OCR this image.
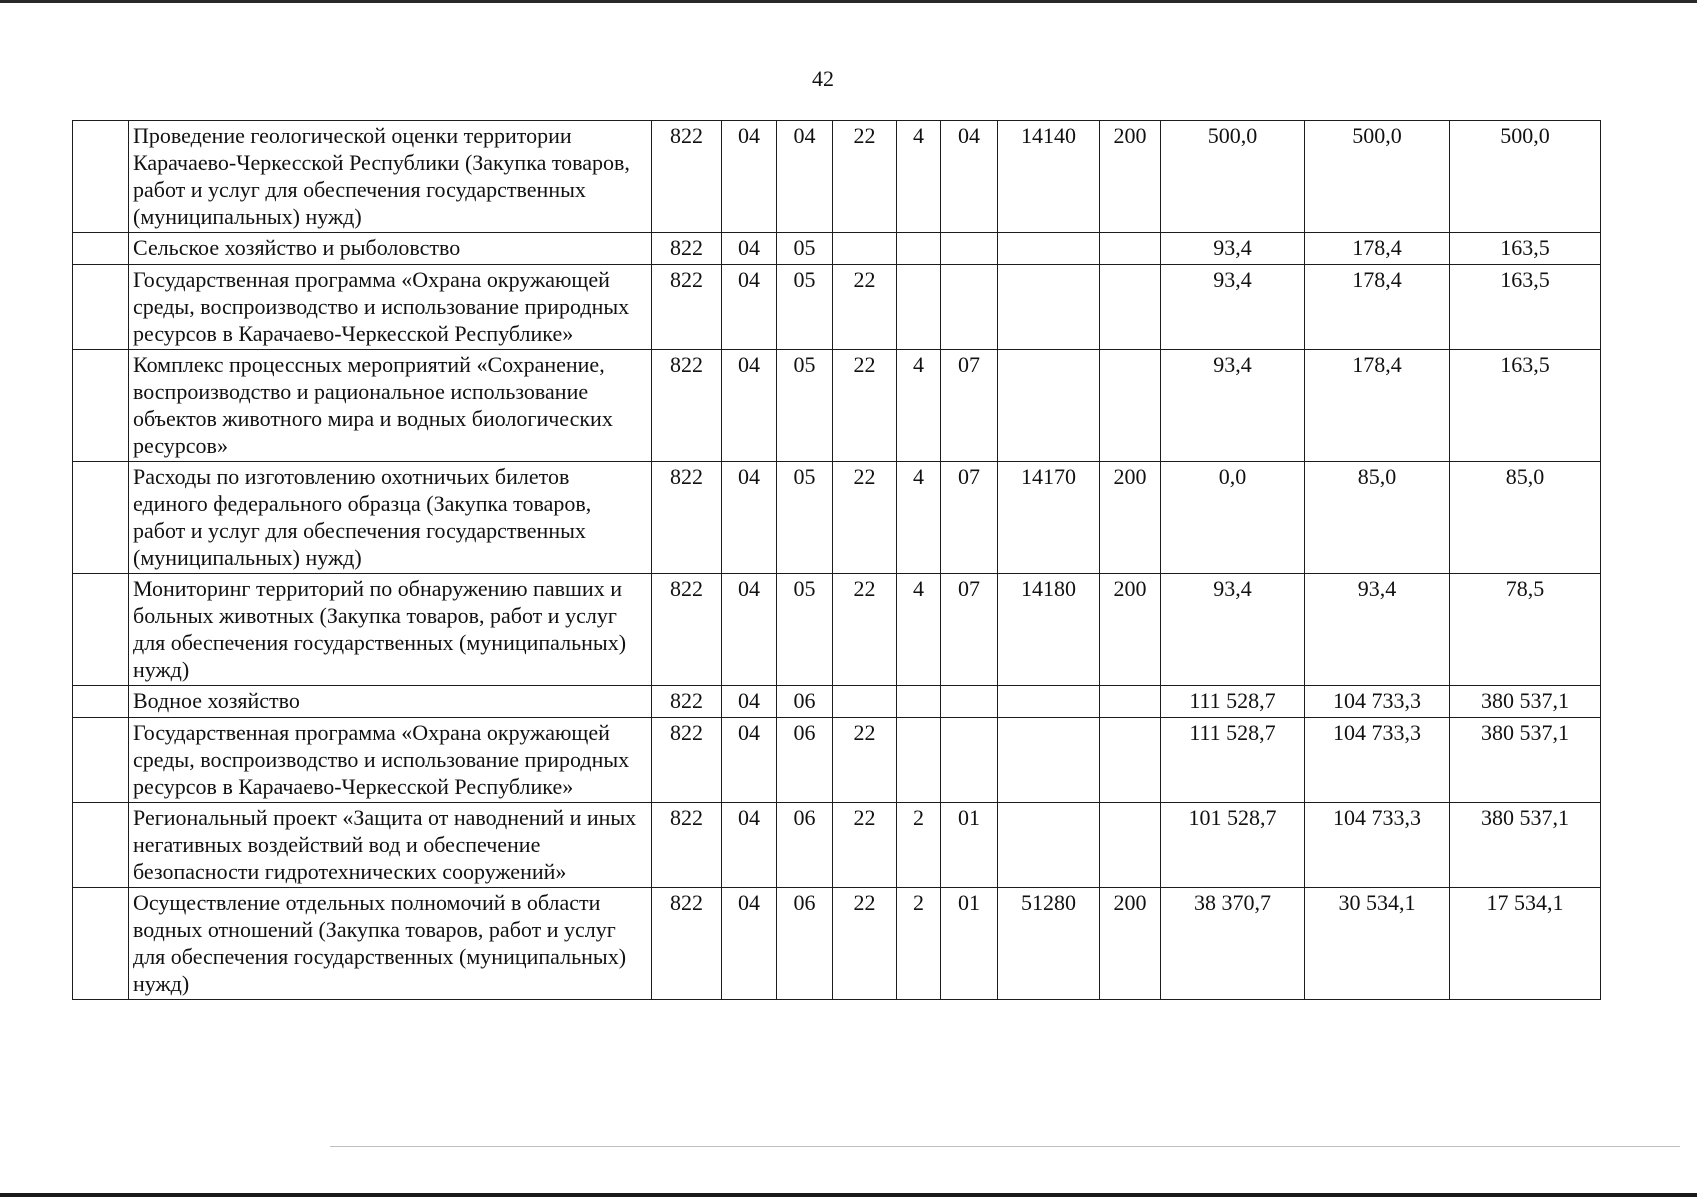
42
	Проведение геологической оценки территории Карачаево-Черкесской Республики (Закупка товаров, работ и услуг для обеспечения государственных (муниципальных) нужд)	822	04	04	22	4	04	14140	200	500,0	500,0	500,0
	Сельское хозяйство и рыболовство	822	04	05						93,4	178,4	163,5
	Государственная программа «Охрана окружающей среды, воспроизводство и использование природных ресурсов в Карачаево-Черкесской Республике»	822	04	05	22					93,4	178,4	163,5
	Комплекс процессных мероприятий «Сохранение, воспроизводство и рациональное использование объектов животного мира и водных биологических ресурсов»	822	04	05	22	4	07			93,4	178,4	163,5
	Расходы по изготовлению охотничьих билетов единого федерального образца (Закупка товаров, работ и услуг для обеспечения государственных (муниципальных) нужд)	822	04	05	22	4	07	14170	200	0,0	85,0	85,0
	Мониторинг территорий по обнаружению павших и больных животных (Закупка товаров, работ и услуг для обеспечения государственных (муниципальных) нужд)	822	04	05	22	4	07	14180	200	93,4	93,4	78,5
	Водное хозяйство	822	04	06						111 528,7	104 733,3	380 537,1
	Государственная программа «Охрана окружающей среды, воспроизводство и использование природных ресурсов в Карачаево-Черкесской Республике»	822	04	06	22					111 528,7	104 733,3	380 537,1
	Региональный проект «Защита от наводнений и иных негативных воздействий вод и обеспечение безопасности гидротехнических сооружений»	822	04	06	22	2	01			101 528,7	104 733,3	380 537,1
	Осуществление отдельных полномочий в области водных отношений (Закупка товаров, работ и услуг для обеспечения государственных (муниципальных) нужд)	822	04	06	22	2	01	51280	200	38 370,7	30 534,1	17 534,1
